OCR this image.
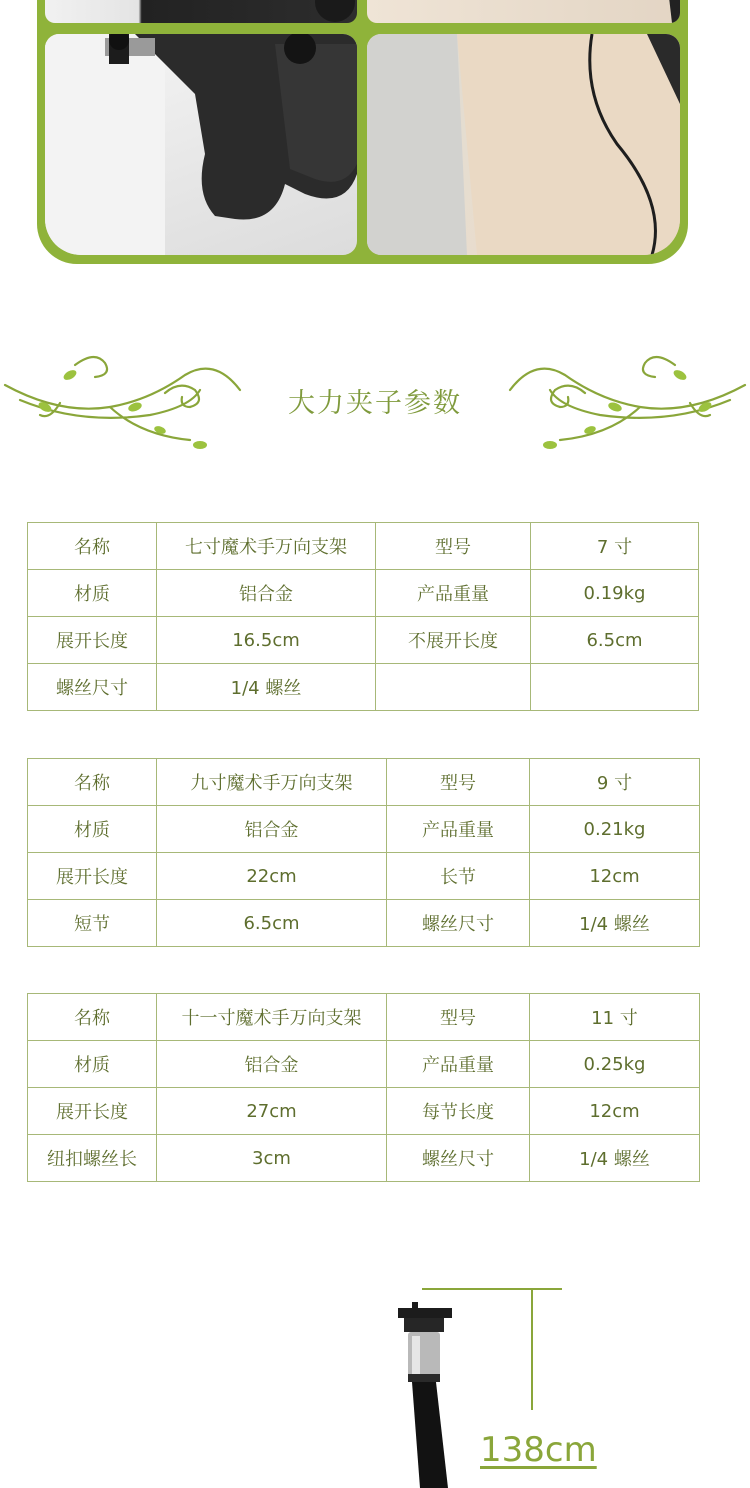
大力夹子参数
名称	七寸魔术手万向支架	型号	7 寸
材质	铝合金	产品重量	0.19kg
展开长度	16.5cm	不展开长度	6.5cm
螺丝尺寸	1/4 螺丝		
名称	九寸魔术手万向支架	型号	9 寸
材质	铝合金	产品重量	0.21kg
展开长度	22cm	长节	12cm
短节	6.5cm	螺丝尺寸	1/4 螺丝
名称	十一寸魔术手万向支架	型号	11 寸
材质	铝合金	产品重量	0.25kg
展开长度	27cm	每节长度	12cm
纽扣螺丝长	3cm	螺丝尺寸	1/4 螺丝
138cm
